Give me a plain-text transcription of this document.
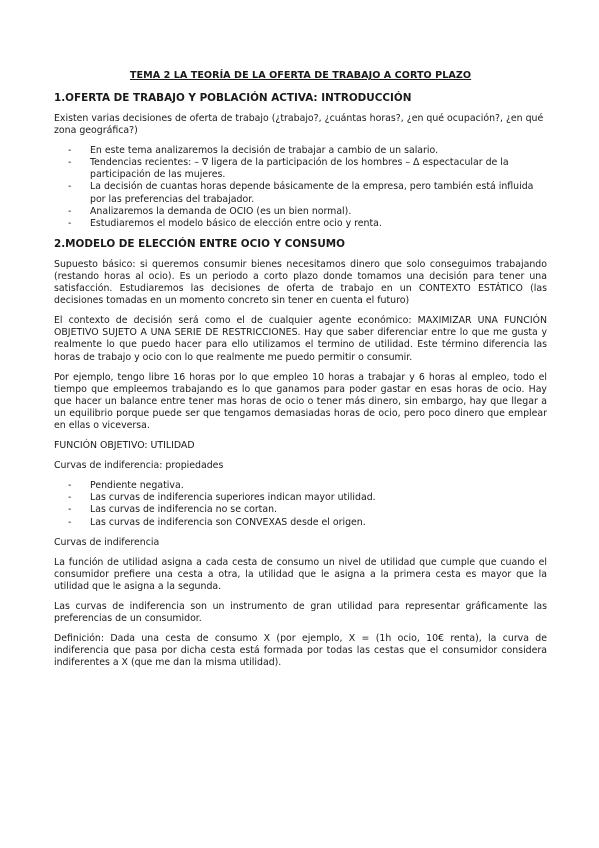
TEMA 2 LA TEORÍA DE LA OFERTA DE TRABAJO A CORTO PLAZO
1.OFERTA DE TRABAJO Y POBLACIÓN ACTIVA: INTRODUCCIÓN

Existen varias decisiones de oferta de trabajo (¿trabajo?, ¿cuántas horas?, ¿en qué ocupación?, ¿en qué zona geográfica?)

- En este tema analizaremos la decisión de trabajar a cambio de un salario.
- Tendencias recientes: – ∇ ligera de la participación de los hombres – Δ espectacular de la participación de las mujeres.
- La decisión de cuantas horas depende básicamente de la empresa, pero también está influida por las preferencias del trabajador.
- Analizaremos la demanda de OCIO (es un bien normal).
- Estudiaremos el modelo básico de elección entre ocio y renta.
2.MODELO DE ELECCIÓN ENTRE OCIO Y CONSUMO

Supuesto básico: si queremos consumir bienes necesitamos dinero que solo conseguimos trabajando (restando horas al ocio). Es un periodo a corto plazo donde tomamos una decisión para tener una satisfacción. Estudiaremos las decisiones de oferta de trabajo en un CONTEXTO ESTÁTICO (las decisiones tomadas en un momento concreto sin tener en cuenta el futuro)

El contexto de decisión será como el de cualquier agente económico: MAXIMIZAR UNA FUNCIÓN OBJETIVO SUJETO A UNA SERIE DE RESTRICCIONES. Hay que saber diferenciar entre lo que me gusta y realmente lo que puedo hacer para ello utilizamos el termino de utilidad. Este término diferencia las horas de trabajo y ocio con lo que realmente me puedo permitir o consumir.

Por ejemplo, tengo libre 16 horas por lo que empleo 10 horas a trabajar y 6 horas al empleo, todo el tiempo que empleemos trabajando es lo que ganamos para poder gastar en esas horas de ocio. Hay que hacer un balance entre tener mas horas de ocio o tener más dinero, sin embargo, hay que llegar a un equilibrio porque puede ser que tengamos demasiadas horas de ocio, pero poco dinero que emplear en ellas o viceversa.

FUNCIÓN OBJETIVO: UTILIDAD

Curvas de indiferencia: propiedades

- Pendiente negativa.
- Las curvas de indiferencia superiores indican mayor utilidad.
- Las curvas de indiferencia no se cortan.
- Las curvas de indiferencia son CONVEXAS desde el origen.

Curvas de indiferencia

La función de utilidad asigna a cada cesta de consumo un nivel de utilidad que cumple que cuando el consumidor prefiere una cesta a otra, la utilidad que le asigna a la primera cesta es mayor que la utilidad que le asigna a la segunda.

Las curvas de indiferencia son un instrumento de gran utilidad para representar gráficamente las preferencias de un consumidor.

Definición: Dada una cesta de consumo X (por ejemplo, X = (1h ocio, 10€ renta), la curva de indiferencia que pasa por dicha cesta está formada por todas las cestas que el consumidor considera indiferentes a X (que me dan la misma utilidad).
